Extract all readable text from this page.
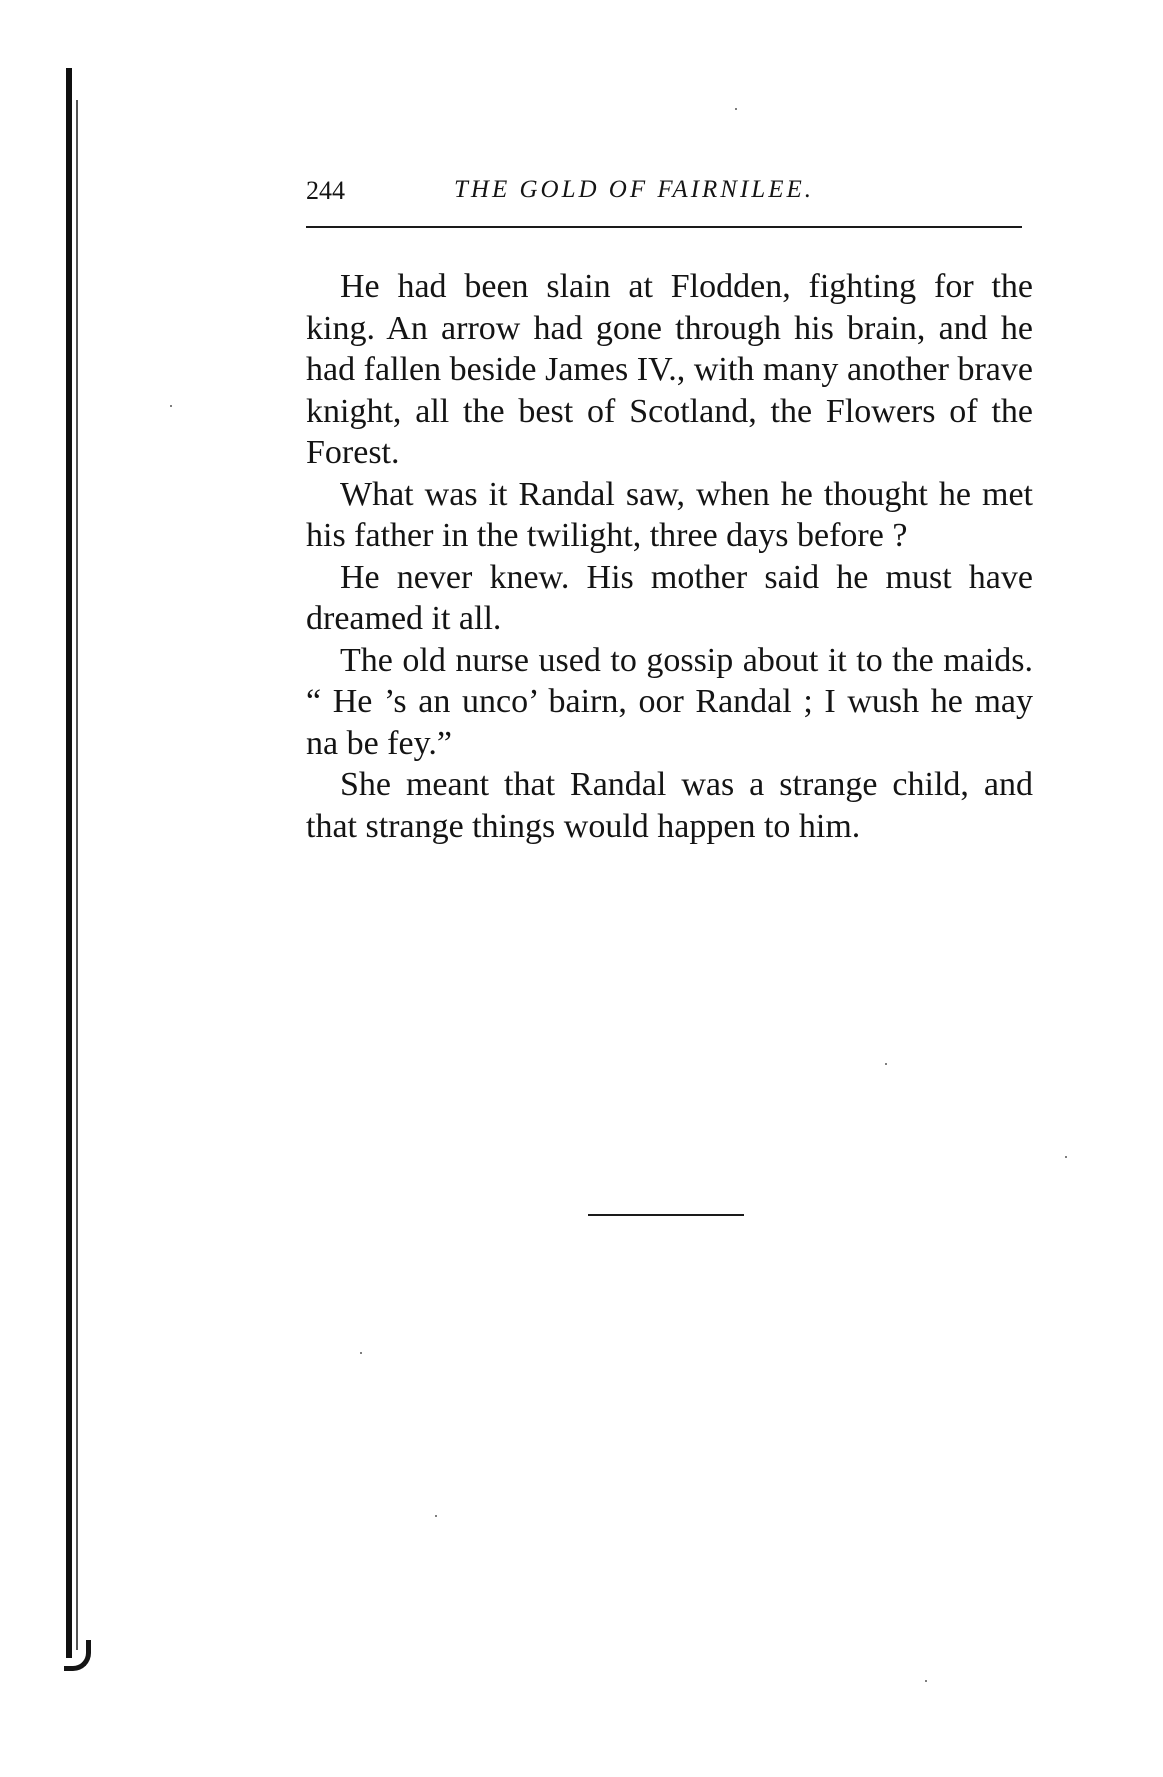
244	THE GOLD OF FAIRNILEE.

He had been slain at Flodden, fighting for the king. An arrow had gone through his brain, and he had fallen beside James IV., with many another brave knight, all the best of Scotland, the Flowers of the Forest.

What was it Randal saw, when he thought he met his father in the twilight, three days before ?

He never knew. His mother said he must have dreamed it all.

The old nurse used to gossip about it to the maids. “ He ’s an unco’ bairn, oor Randal ; I wush he may na be fey.”

She meant that Randal was a strange child, and that strange things would happen to him.
